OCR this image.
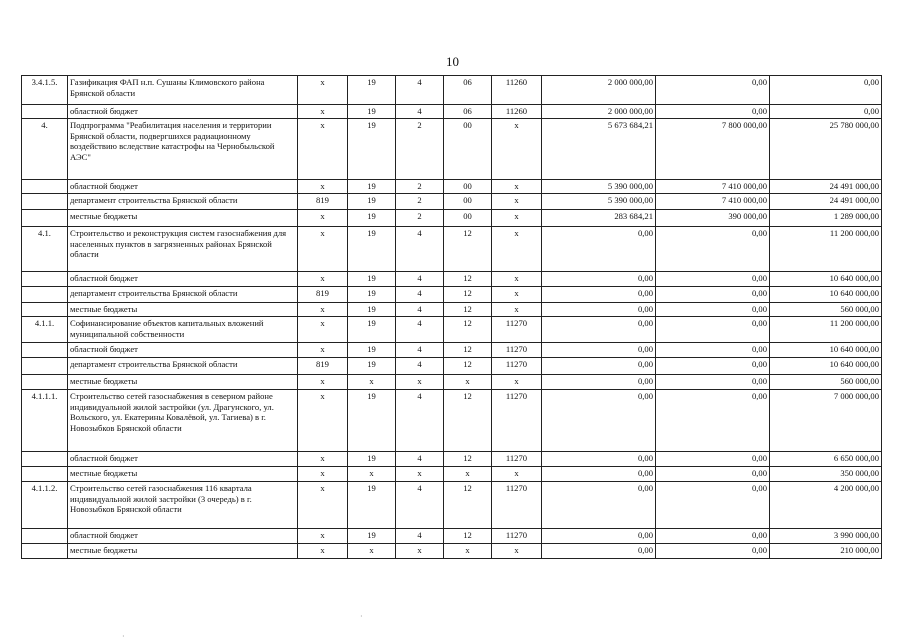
10
3.4.1.5.	Газификация ФАП н.п. Сушаны Климовского района Брянской области	х	19	4	06	11260	2 000 000,00	0,00	0,00
	областной бюджет	х	19	4	06	11260	2 000 000,00	0,00	0,00
4.	Подпрограмма "Реабилитация населения и территории Брянской области, подвергшихся радиационному воздействию вследствие катастрофы на Чернобыльской АЭС"	х	19	2	00	х	5 673 684,21	7 800 000,00	25 780 000,00
	областной бюджет	х	19	2	00	х	5 390 000,00	7 410 000,00	24 491 000,00
	департамент строительства Брянской области	819	19	2	00	х	5 390 000,00	7 410 000,00	24 491 000,00
	местные бюджеты	х	19	2	00	х	283 684,21	390 000,00	1 289 000,00
4.1.	Строительство и реконструкция систем газоснабжения для населенных пунктов в загрязненных районах Брянской области	х	19	4	12	х	0,00	0,00	11 200 000,00
	областной бюджет	х	19	4	12	х	0,00	0,00	10 640 000,00
	департамент строительства Брянской области	819	19	4	12	х	0,00	0,00	10 640 000,00
	местные бюджеты	х	19	4	12	х	0,00	0,00	560 000,00
4.1.1.	Софинансирование объектов капитальных вложений муниципальной собственности	х	19	4	12	11270	0,00	0,00	11 200 000,00
	областной бюджет	х	19	4	12	11270	0,00	0,00	10 640 000,00
	департамент строительства Брянской области	819	19	4	12	11270	0,00	0,00	10 640 000,00
	местные бюджеты	х	х	х	х	х	0,00	0,00	560 000,00
4.1.1.1.	Строительство сетей газоснабжения в северном районе индивидуальной жилой застройки (ул. Драгунского, ул. Вольского, ул. Екатерины Ковалёвой, ул. Тагиева) в г. Новозыбков Брянской области	х	19	4	12	11270	0,00	0,00	7 000 000,00
	областной бюджет	х	19	4	12	11270	0,00	0,00	6 650 000,00
	местные бюджеты	х	х	х	х	х	0,00	0,00	350 000,00
4.1.1.2.	Строительство сетей газоснабжения 116 квартала индивидуальной жилой застройки (3 очередь) в г. Новозыбков Брянской области	х	19	4	12	11270	0,00	0,00	4 200 000,00
	областной бюджет	х	19	4	12	11270	0,00	0,00	3 990 000,00
	местные бюджеты	х	х	х	х	х	0,00	0,00	210 000,00
·
·
